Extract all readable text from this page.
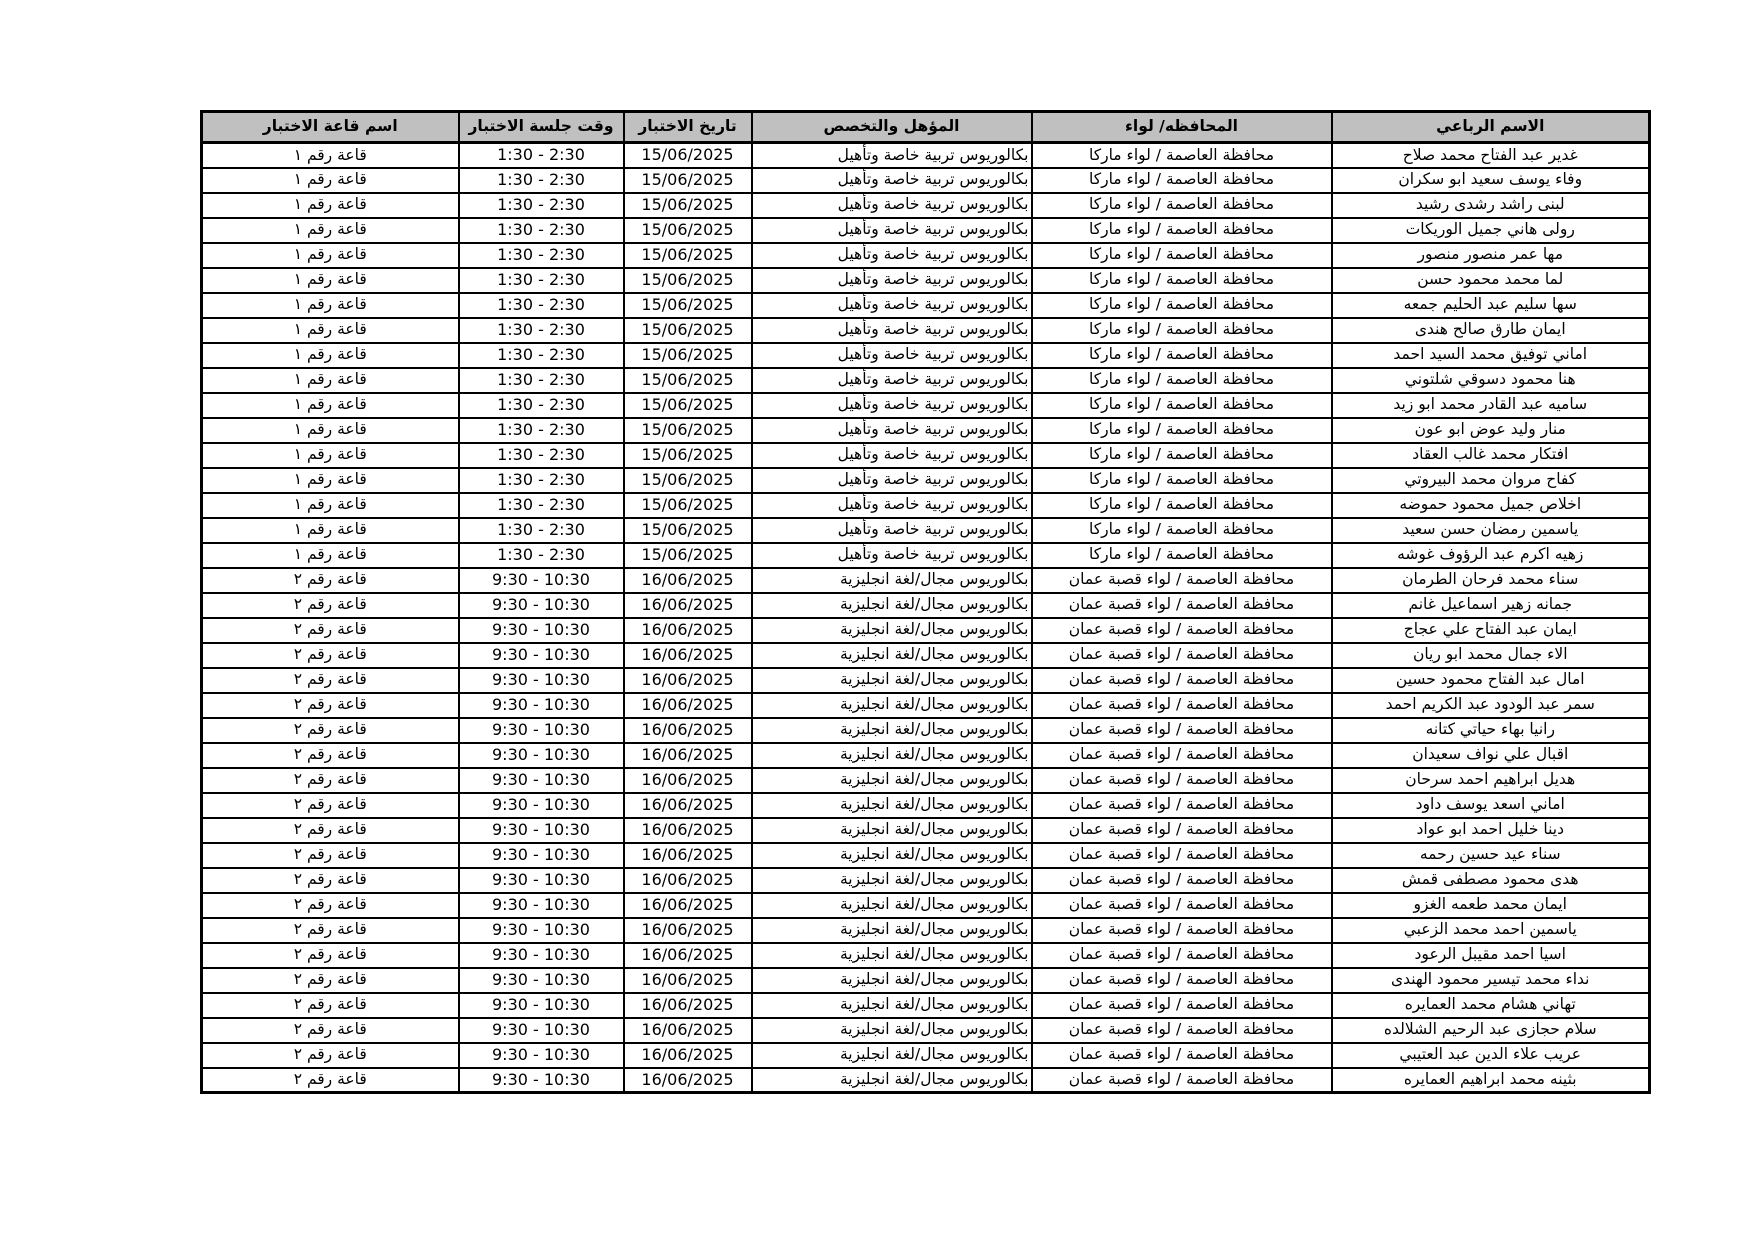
الاسم الرباعي	المحافظه/ لواء	المؤهل والتخصص	تاريخ الاختبار	وقت جلسة الاختبار	اسم قاعة الاختبار
غدير عبد الفتاح محمد صلاح	محافظة العاصمة / لواء ماركا	بكالوريوس تربية خاصة وتأهيل	15/06/2025	1:30 - 2:30	قاعة رقم ١
وفاء يوسف سعيد ابو سكران	محافظة العاصمة / لواء ماركا	بكالوريوس تربية خاصة وتأهيل	15/06/2025	1:30 - 2:30	قاعة رقم ١
لبنى راشد رشدى رشيد	محافظة العاصمة / لواء ماركا	بكالوريوس تربية خاصة وتأهيل	15/06/2025	1:30 - 2:30	قاعة رقم ١
رولى هاني جميل الوريكات	محافظة العاصمة / لواء ماركا	بكالوريوس تربية خاصة وتأهيل	15/06/2025	1:30 - 2:30	قاعة رقم ١
مها عمر منصور منصور	محافظة العاصمة / لواء ماركا	بكالوريوس تربية خاصة وتأهيل	15/06/2025	1:30 - 2:30	قاعة رقم ١
لما محمد محمود حسن	محافظة العاصمة / لواء ماركا	بكالوريوس تربية خاصة وتأهيل	15/06/2025	1:30 - 2:30	قاعة رقم ١
سها سليم عبد الحليم جمعه	محافظة العاصمة / لواء ماركا	بكالوريوس تربية خاصة وتأهيل	15/06/2025	1:30 - 2:30	قاعة رقم ١
ايمان طارق صالح هندى	محافظة العاصمة / لواء ماركا	بكالوريوس تربية خاصة وتأهيل	15/06/2025	1:30 - 2:30	قاعة رقم ١
اماني توفيق محمد السيد احمد	محافظة العاصمة / لواء ماركا	بكالوريوس تربية خاصة وتأهيل	15/06/2025	1:30 - 2:30	قاعة رقم ١
هنا محمود دسوقي شلتوني	محافظة العاصمة / لواء ماركا	بكالوريوس تربية خاصة وتأهيل	15/06/2025	1:30 - 2:30	قاعة رقم ١
ساميه عبد القادر محمد ابو زيد	محافظة العاصمة / لواء ماركا	بكالوريوس تربية خاصة وتأهيل	15/06/2025	1:30 - 2:30	قاعة رقم ١
منار وليد عوض ابو عون	محافظة العاصمة / لواء ماركا	بكالوريوس تربية خاصة وتأهيل	15/06/2025	1:30 - 2:30	قاعة رقم ١
افتكار محمد غالب العقاد	محافظة العاصمة / لواء ماركا	بكالوريوس تربية خاصة وتأهيل	15/06/2025	1:30 - 2:30	قاعة رقم ١
كفاح مروان محمد البيروتي	محافظة العاصمة / لواء ماركا	بكالوريوس تربية خاصة وتأهيل	15/06/2025	1:30 - 2:30	قاعة رقم ١
اخلاص جميل محمود حموضه	محافظة العاصمة / لواء ماركا	بكالوريوس تربية خاصة وتأهيل	15/06/2025	1:30 - 2:30	قاعة رقم ١
ياسمين رمضان حسن سعيد	محافظة العاصمة / لواء ماركا	بكالوريوس تربية خاصة وتأهيل	15/06/2025	1:30 - 2:30	قاعة رقم ١
زهيه اكرم عبد الرؤوف غوشه	محافظة العاصمة / لواء ماركا	بكالوريوس تربية خاصة وتأهيل	15/06/2025	1:30 - 2:30	قاعة رقم ١
سناء محمد فرحان الطرمان	محافظة العاصمة / لواء قصبة عمان	بكالوريوس مجال/لغة انجليزية	16/06/2025	9:30 - 10:30	قاعة رقم ٢
جمانه زهير اسماعيل غانم	محافظة العاصمة / لواء قصبة عمان	بكالوريوس مجال/لغة انجليزية	16/06/2025	9:30 - 10:30	قاعة رقم ٢
ايمان عبد الفتاح علي عجاج	محافظة العاصمة / لواء قصبة عمان	بكالوريوس مجال/لغة انجليزية	16/06/2025	9:30 - 10:30	قاعة رقم ٢
الاء جمال محمد ابو ريان	محافظة العاصمة / لواء قصبة عمان	بكالوريوس مجال/لغة انجليزية	16/06/2025	9:30 - 10:30	قاعة رقم ٢
امال عبد الفتاح محمود حسين	محافظة العاصمة / لواء قصبة عمان	بكالوريوس مجال/لغة انجليزية	16/06/2025	9:30 - 10:30	قاعة رقم ٢
سمر عبد الودود عبد الكريم احمد	محافظة العاصمة / لواء قصبة عمان	بكالوريوس مجال/لغة انجليزية	16/06/2025	9:30 - 10:30	قاعة رقم ٢
رانيا بهاء حياتي كتانه	محافظة العاصمة / لواء قصبة عمان	بكالوريوس مجال/لغة انجليزية	16/06/2025	9:30 - 10:30	قاعة رقم ٢
اقبال علي نواف سعيدان	محافظة العاصمة / لواء قصبة عمان	بكالوريوس مجال/لغة انجليزية	16/06/2025	9:30 - 10:30	قاعة رقم ٢
هديل ابراهيم احمد سرحان	محافظة العاصمة / لواء قصبة عمان	بكالوريوس مجال/لغة انجليزية	16/06/2025	9:30 - 10:30	قاعة رقم ٢
اماني اسعد يوسف داود	محافظة العاصمة / لواء قصبة عمان	بكالوريوس مجال/لغة انجليزية	16/06/2025	9:30 - 10:30	قاعة رقم ٢
دينا خليل احمد ابو عواد	محافظة العاصمة / لواء قصبة عمان	بكالوريوس مجال/لغة انجليزية	16/06/2025	9:30 - 10:30	قاعة رقم ٢
سناء عيد حسين رحمه	محافظة العاصمة / لواء قصبة عمان	بكالوريوس مجال/لغة انجليزية	16/06/2025	9:30 - 10:30	قاعة رقم ٢
هدى محمود مصطفى قمش	محافظة العاصمة / لواء قصبة عمان	بكالوريوس مجال/لغة انجليزية	16/06/2025	9:30 - 10:30	قاعة رقم ٢
ايمان محمد طعمه الغزو	محافظة العاصمة / لواء قصبة عمان	بكالوريوس مجال/لغة انجليزية	16/06/2025	9:30 - 10:30	قاعة رقم ٢
ياسمين احمد محمد الزعبي	محافظة العاصمة / لواء قصبة عمان	بكالوريوس مجال/لغة انجليزية	16/06/2025	9:30 - 10:30	قاعة رقم ٢
اسيا احمد مقيبل الرعود	محافظة العاصمة / لواء قصبة عمان	بكالوريوس مجال/لغة انجليزية	16/06/2025	9:30 - 10:30	قاعة رقم ٢
نداء محمد تيسير محمود الهندى	محافظة العاصمة / لواء قصبة عمان	بكالوريوس مجال/لغة انجليزية	16/06/2025	9:30 - 10:30	قاعة رقم ٢
تهاني هشام محمد العمايره	محافظة العاصمة / لواء قصبة عمان	بكالوريوس مجال/لغة انجليزية	16/06/2025	9:30 - 10:30	قاعة رقم ٢
سلام حجازى عبد الرحيم الشلالده	محافظة العاصمة / لواء قصبة عمان	بكالوريوس مجال/لغة انجليزية	16/06/2025	9:30 - 10:30	قاعة رقم ٢
عريب علاء الدين عبد العتيبي	محافظة العاصمة / لواء قصبة عمان	بكالوريوس مجال/لغة انجليزية	16/06/2025	9:30 - 10:30	قاعة رقم ٢
بثينه محمد ابراهيم العمايره	محافظة العاصمة / لواء قصبة عمان	بكالوريوس مجال/لغة انجليزية	16/06/2025	9:30 - 10:30	قاعة رقم ٢
